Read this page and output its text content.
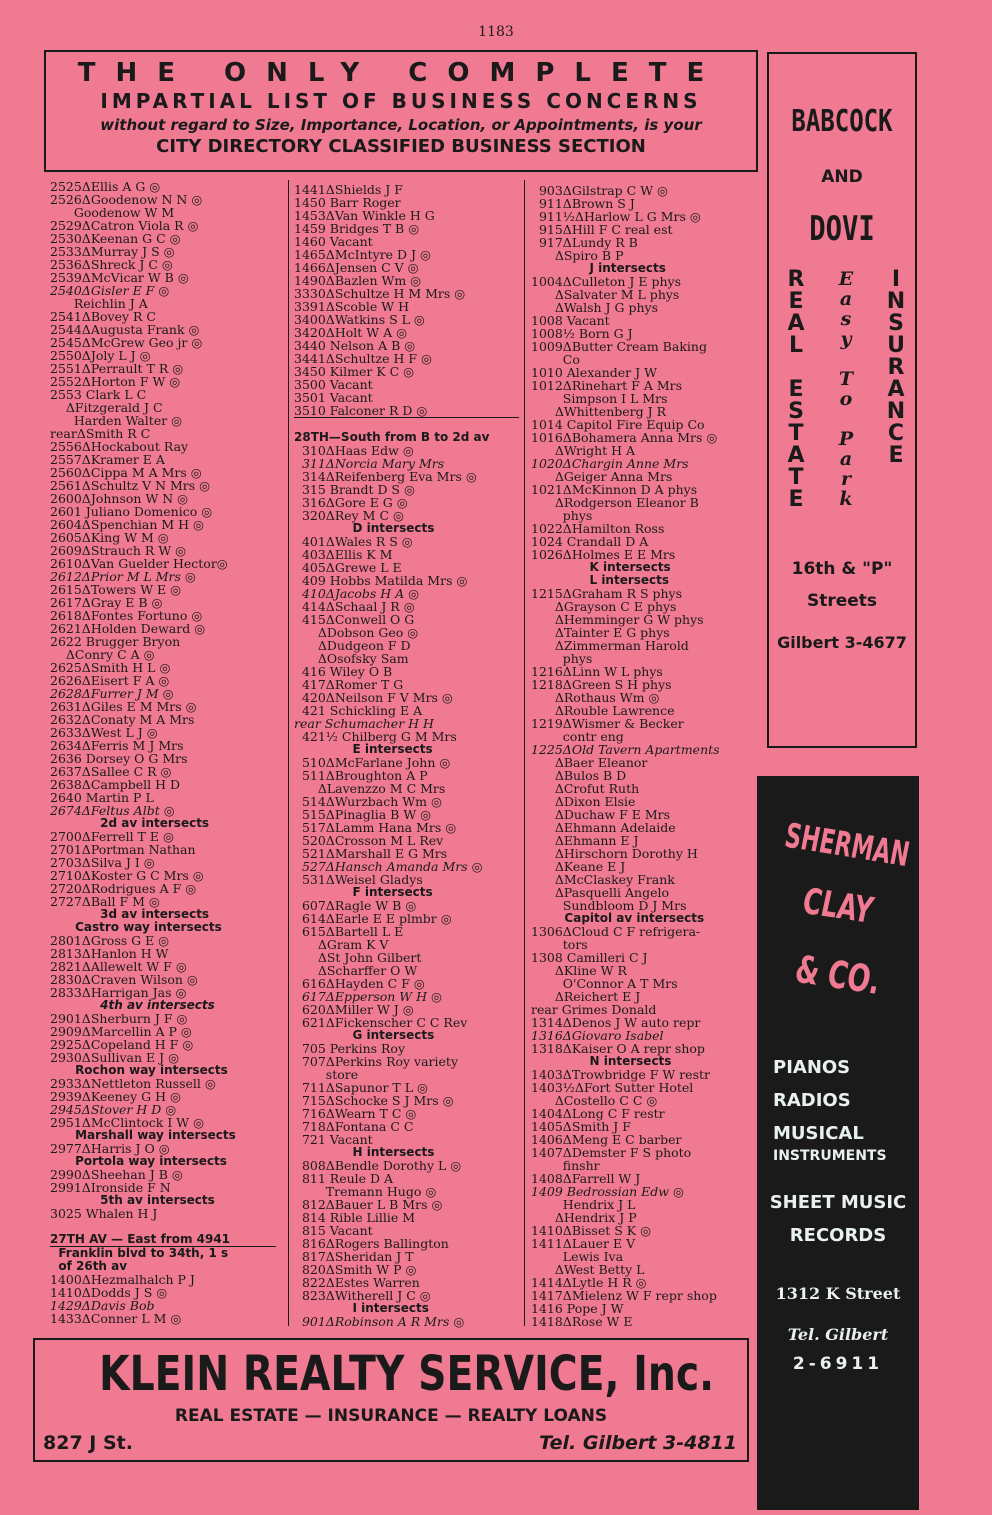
1183
THE ONLY COMPLETE
IMPARTIAL LIST OF BUSINESS CONCERNS
without regard to Size, Importance, Location, or Appointments, is your
CITY DIRECTORY CLASSIFIED BUSINESS SECTION
BABCOCK
AND
DOVI
R
E
A
L

E
S
T
A
T
E
E
a
s
y

T
o

P
a
r
k
I
N
S
U
R
A
N
C
E
16th & "P"
Streets
Gilbert 3-4677
2525ΔEllis A G ◎
2526ΔGoodenow N N ◎
Goodenow W M
2529ΔCatron Viola R ◎
2530ΔKeenan G C ◎
2533ΔMurray J S ◎
2536ΔShreck J C ◎
2539ΔMcVicar W B ◎
2540ΔGisler E F ◎
Reichlin J A
2541ΔBovey R C
2544ΔAugusta Frank ◎
2545ΔMcGrew Geo jr ◎
2550ΔJoly L J ◎
2551ΔPerrault T R ◎
2552ΔHorton F W ◎
2553 Clark L C
ΔFitzgerald J C
Harden Walter ◎
rearΔSmith R C
2556ΔHockabout Ray
2557ΔKramer E A
2560ΔCippa M A Mrs ◎
2561ΔSchultz V N Mrs ◎
2600ΔJohnson W N ◎
2601 Juliano Domenico ◎
2604ΔSpenchian M H ◎
2605ΔKing W M ◎
2609ΔStrauch R W ◎
2610ΔVan Guelder Hector◎
2612ΔPrior M L Mrs ◎
2615ΔTowers W E ◎
2617ΔGray E B ◎
2618ΔFontes Fortuno ◎
2621ΔHolden Deward ◎
2622 Brugger Bryon
ΔConry C A ◎
2625ΔSmith H L ◎
2626ΔEisert F A ◎
2628ΔFurrer J M ◎
2631ΔGiles E M Mrs ◎
2632ΔConaty M A Mrs
2633ΔWest L J ◎
2634ΔFerris M J Mrs
2636 Dorsey O G Mrs
2637ΔSallee C R ◎
2638ΔCampbell H D
2640 Martin P L
2674ΔFeltus Albt ◎
2d av intersects
2700ΔFerrell T E ◎
2701ΔPortman Nathan
2703ΔSilva J I ◎
2710ΔKoster G C Mrs ◎
2720ΔRodrigues A F ◎
2727ΔBall F M ◎
3d av intersects
Castro way intersects
2801ΔGross G E ◎
2813ΔHanlon H W
2821ΔAllewelt W F ◎
2830ΔCraven Wilson ◎
2833ΔHarrigan Jas ◎
4th av intersects
2901ΔSherburn J F ◎
2909ΔMarcellin A P ◎
2925ΔCopeland H F ◎
2930ΔSullivan E J ◎
Rochon way intersects
2933ΔNettleton Russell ◎
2939ΔKeeney G H ◎
2945ΔStover H D ◎
2951ΔMcClintock I W ◎
Marshall way intersects
2977ΔHarris J O ◎
Portola way intersects
2990ΔSheehan J B ◎
2991ΔIronside F N
5th av intersects
3025 Whalen H J
27TH AV — East from 4941
Franklin blvd to 34th, 1 s
of 26th av
1400ΔHezmalhalch P J
1410ΔDodds J S ◎
1429ΔDavis Bob
1433ΔConner L M ◎
1441ΔShields J F
1450 Barr Roger
1453ΔVan Winkle H G
1459 Bridges T B ◎
1460 Vacant
1465ΔMcIntyre D J ◎
1466ΔJensen C V ◎
1490ΔBazlen Wm ◎
3330ΔSchultze H M Mrs ◎
3391ΔScoble W H
3400ΔWatkins S L ◎
3420ΔHolt W A ◎
3440 Nelson A B ◎
3441ΔSchultze H F ◎
3450 Kilmer K C ◎
3500 Vacant
3501 Vacant
3510 Falconer R D ◎
28TH—South from B to 2d av
310ΔHaas Edw ◎
311ΔNorcia Mary Mrs
314ΔReifenberg Eva Mrs ◎
315 Brandt D S ◎
316ΔGore E G ◎
320ΔRey M C ◎
D intersects
401ΔWales R S ◎
403ΔEllis K M
405ΔGrewe L E
409 Hobbs Matilda Mrs ◎
410ΔJacobs H A ◎
414ΔSchaal J R ◎
415ΔConwell O G
ΔDobson Geo ◎
ΔDudgeon F D
ΔOsofsky Sam
416 Wiley O B
417ΔRomer T G
420ΔNeilson F V Mrs ◎
421 Schickling E A
rear Schumacher H H
421½ Chilberg G M Mrs
E intersects
510ΔMcFarlane John ◎
511ΔBroughton A P
ΔLavenzzo M C Mrs
514ΔWurzbach Wm ◎
515ΔPinaglia B W ◎
517ΔLamm Hana Mrs ◎
520ΔCrosson M L Rev
521ΔMarshall E G Mrs
527ΔHansch Amanda Mrs ◎
531ΔWeisel Gladys
F intersects
607ΔRagle W B ◎
614ΔEarle E E plmbr ◎
615ΔBartell L E
ΔGram K V
ΔSt John Gilbert
ΔScharffer O W
616ΔHayden C F ◎
617ΔEpperson W H ◎
620ΔMiller W J ◎
621ΔFickenscher C C Rev
G intersects
705 Perkins Roy
707ΔPerkins Roy variety
store
711ΔSapunor T L ◎
715ΔSchocke S J Mrs ◎
716ΔWearn T C ◎
718ΔFontana C C
721 Vacant
H intersects
808ΔBendle Dorothy L ◎
811 Reule D A
Tremann Hugo ◎
812ΔBauer L B Mrs ◎
814 Rible Lillie M
815 Vacant
816ΔRogers Ballington
817ΔSheridan J T
820ΔSmith W P ◎
822ΔEstes Warren
823ΔWitherell J C ◎
I intersects
901ΔRobinson A R Mrs ◎
903ΔGilstrap C W ◎
911ΔBrown S J
911½ΔHarlow L G Mrs ◎
915ΔHill F C real est
917ΔLundy R B
ΔSpiro B P
J intersects
1004ΔCulleton J E phys
ΔSalvater M L phys
ΔWalsh J G phys
1008 Vacant
1008½ Born G J
1009ΔButter Cream Baking
Co
1010 Alexander J W
1012ΔRinehart F A Mrs
Simpson I L Mrs
ΔWhittenberg J R
1014 Capitol Fire Equip Co
1016ΔBohamera Anna Mrs ◎
ΔWright H A
1020ΔChargin Anne Mrs
ΔGeiger Anna Mrs
1021ΔMcKinnon D A phys
ΔRodgerson Eleanor B
phys
1022ΔHamilton Ross
1024 Crandall D A
1026ΔHolmes E E Mrs
K intersects
L intersects
1215ΔGraham R S phys
ΔGrayson C E phys
ΔHemminger G W phys
ΔTainter E G phys
ΔZimmerman Harold
phys
1216ΔLinn W L phys
1218ΔGreen S H phys
ΔRothaus Wm ◎
ΔRouble Lawrence
1219ΔWismer & Becker
contr eng
1225ΔOld Tavern Apartments
ΔBaer Eleanor
ΔBulos B D
ΔCrofut Ruth
ΔDixon Elsie
ΔDuchaw F E Mrs
ΔEhmann Adelaide
ΔEhmann E J
ΔHirschorn Dorothy H
ΔKeane E J
ΔMcClaskey Frank
ΔPasquelli Angelo
Sundbloom D J Mrs
Capitol av intersects
1306ΔCloud C F refrigera-
tors
1308 Camilleri C J
ΔKline W R
O'Connor A T Mrs
ΔReichert E J
rear Grimes Donald
1314ΔDenos J W auto repr
1316ΔGiovaro Isabel
1318ΔKaiser O A repr shop
N intersects
1403ΔTrowbridge F W restr
1403½ΔFort Sutter Hotel
ΔCostello C C ◎
1404ΔLong C F restr
1405ΔSmith J F
1406ΔMeng E C barber
1407ΔDemster F S photo
finshr
1408ΔFarrell W J
1409 Bedrossian Edw ◎
Hendrix J L
ΔHendrix J P
1410ΔBisset S K ◎
1411ΔLauer E V
Lewis Iva
ΔWest Betty L
1414ΔLytle H R ◎
1417ΔMielenz W F repr shop
1416 Pope J W
1418ΔRose W E
SHERMAN
CLAY
& CO.
PIANOS
RADIOS
MUSICAL
INSTRUMENTS
SHEET MUSIC
RECORDS
1312 K Street
Tel. Gilbert
2-6911
KLEIN REALTY SERVICE, Inc.
REAL ESTATE — INSURANCE — REALTY LOANS
827 J St.	Tel. Gilbert 3-4811
